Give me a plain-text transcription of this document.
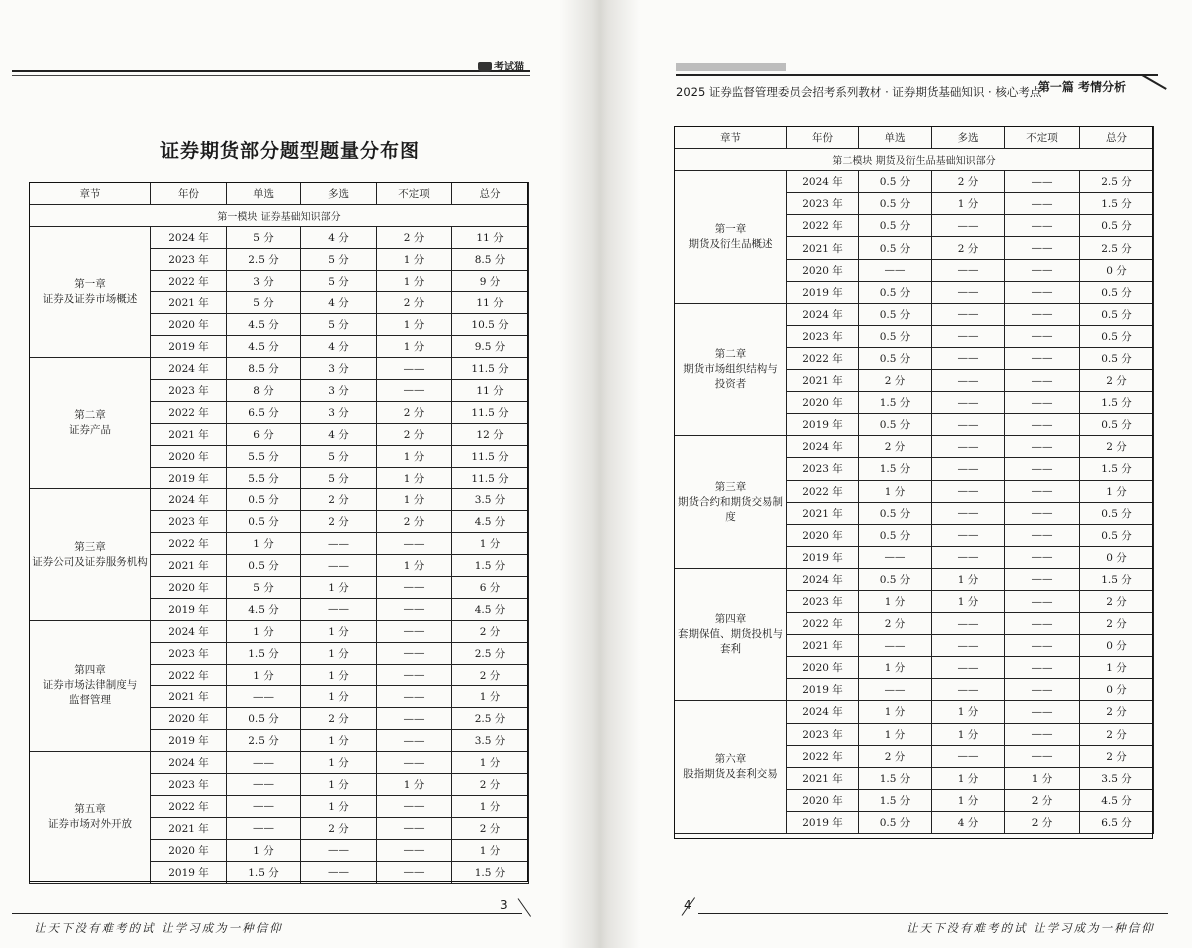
考试猫
第一篇 考情分析
证券期货部分题型题量分布图
2025 证券监督管理委员会招考系列教材 · 证券期货基础知识 · 核心考点
章节	年份	单选	多选	不定项	总分
第一模块 证券基础知识部分					
第一章
证券及证券市场概述	2024 年	5 分	4 分	2 分	11 分
	2023 年	2.5 分	5 分	1 分	8.5 分
	2022 年	3 分	5 分	1 分	9 分
	2021 年	5 分	4 分	2 分	11 分
	2020 年	4.5 分	5 分	1 分	10.5 分
	2019 年	4.5 分	4 分	1 分	9.5 分
第二章
证券产品	2024 年	8.5 分	3 分	——	11.5 分
	2023 年	8 分	3 分	——	11 分
	2022 年	6.5 分	3 分	2 分	11.5 分
	2021 年	6 分	4 分	2 分	12 分
	2020 年	5.5 分	5 分	1 分	11.5 分
	2019 年	5.5 分	5 分	1 分	11.5 分
第三章
证券公司及证券服务机构	2024 年	0.5 分	2 分	1 分	3.5 分
	2023 年	0.5 分	2 分	2 分	4.5 分
	2022 年	1 分	——	——	1 分
	2021 年	0.5 分	——	1 分	1.5 分
	2020 年	5 分	1 分	——	6 分
	2019 年	4.5 分	——	——	4.5 分
第四章
证券市场法律制度与
监督管理	2024 年	1 分	1 分	——	2 分
	2023 年	1.5 分	1 分	——	2.5 分
	2022 年	1 分	1 分	——	2 分
	2021 年	——	1 分	——	1 分
	2020 年	0.5 分	2 分	——	2.5 分
	2019 年	2.5 分	1 分	——	3.5 分
第五章
证券市场对外开放	2024 年	——	1 分	——	1 分
	2023 年	——	1 分	1 分	2 分
	2022 年	——	1 分	——	1 分
	2021 年	——	2 分	——	2 分
	2020 年	1 分	——	——	1 分
	2019 年	1.5 分	——	——	1.5 分
章节	年份	单选	多选	不定项	总分
第二模块 期货及衍生品基础知识部分					
第一章
期货及衍生品概述	2024 年	0.5 分	2 分	——	2.5 分
	2023 年	0.5 分	1 分	——	1.5 分
	2022 年	0.5 分	——	——	0.5 分
	2021 年	0.5 分	2 分	——	2.5 分
	2020 年	——	——	——	0 分
	2019 年	0.5 分	——	——	0.5 分
第二章
期货市场组织结构与
投资者	2024 年	0.5 分	——	——	0.5 分
	2023 年	0.5 分	——	——	0.5 分
	2022 年	0.5 分	——	——	0.5 分
	2021 年	2 分	——	——	2 分
	2020 年	1.5 分	——	——	1.5 分
	2019 年	0.5 分	——	——	0.5 分
第三章
期货合约和期货交易制度	2024 年	2 分	——	——	2 分
	2023 年	1.5 分	——	——	1.5 分
	2022 年	1 分	——	——	1 分
	2021 年	0.5 分	——	——	0.5 分
	2020 年	0.5 分	——	——	0.5 分
	2019 年	——	——	——	0 分
第四章
套期保值、期货投机与
套利	2024 年	0.5 分	1 分	——	1.5 分
	2023 年	1 分	1 分	——	2 分
	2022 年	2 分	——	——	2 分
	2021 年	——	——	——	0 分
	2020 年	1 分	——	——	1 分
	2019 年	——	——	——	0 分
第六章
股指期货及套利交易	2024 年	1 分	1 分	——	2 分
	2023 年	1 分	1 分	——	2 分
	2022 年	2 分	——	——	2 分
	2021 年	1.5 分	1 分	1 分	3.5 分
	2020 年	1.5 分	1 分	2 分	4.5 分
	2019 年	0.5 分	4 分	2 分	6.5 分
3
让天下没有难考的试 让学习成为一种信仰
4
让天下没有难考的试 让学习成为一种信仰
